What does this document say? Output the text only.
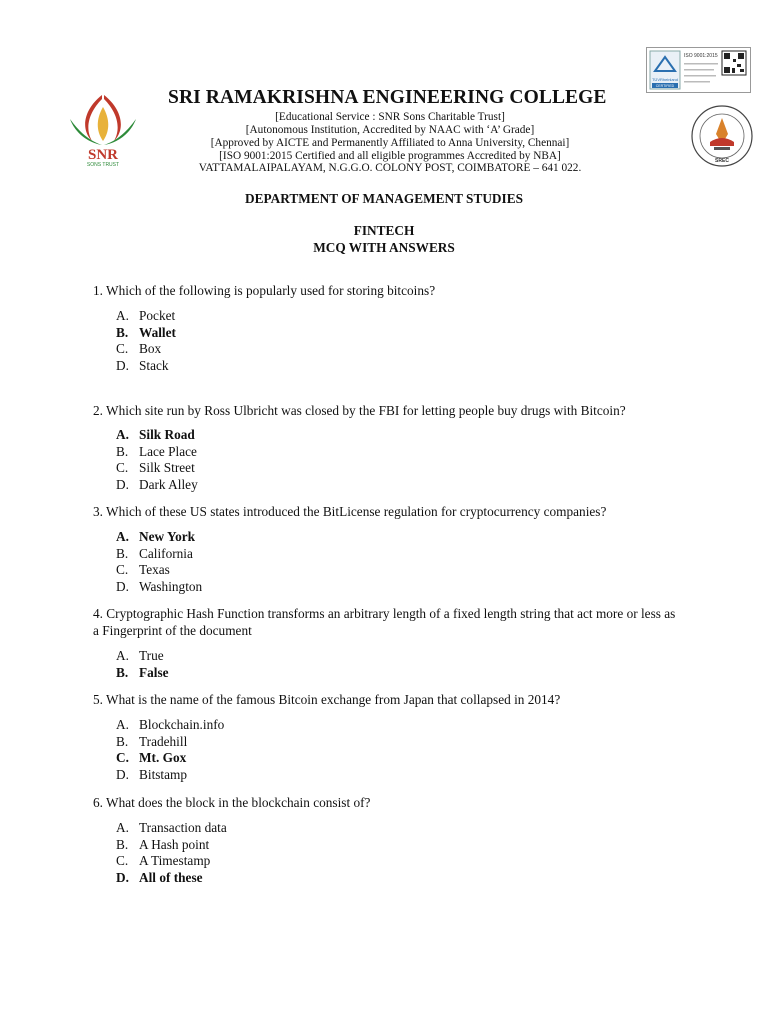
SNR
SONS TRUST
TÜVRheinland
CERTIFIED
ISO 9001:2015
SREC
SRI RAMAKRISHNA ENGINEERING COLLEGE
[Educational Service : SNR Sons Charitable Trust]
[Autonomous Institution, Accredited by NAAC with ‘A’ Grade]
[Approved by AICTE and Permanently Affiliated to Anna University, Chennai]
[ISO 9001:2015 Certified and all eligible programmes Accredited by NBA]
VATTAMALAIPALAYAM, N.G.G.O. COLONY POST, COIMBATORE – 641 022.
DEPARTMENT OF MANAGEMENT STUDIES
FINTECH
MCQ WITH ANSWERS
1. Which of the following is popularly used for storing bitcoins?
A. Pocket
B. Wallet
C. Box
D. Stack
2. Which site run by Ross Ulbricht was closed by the FBI for letting people buy drugs with Bitcoin?
A. Silk Road
B. Lace Place
C. Silk Street
D. Dark Alley
3. Which of these US states introduced the BitLicense regulation for cryptocurrency companies?
A. New York
B. California
C. Texas
D. Washington
4. Cryptographic Hash Function transforms an arbitrary length of a fixed length string that act more or less as a Fingerprint of the document
A. True
B. False
5. What is the name of the famous Bitcoin exchange from Japan that collapsed in 2014?
A. Blockchain.info
B. Tradehill
C. Mt. Gox
D. Bitstamp
6. What does the block in the blockchain consist of?
A. Transaction data
B. A Hash point
C. A Timestamp
D. All of these
